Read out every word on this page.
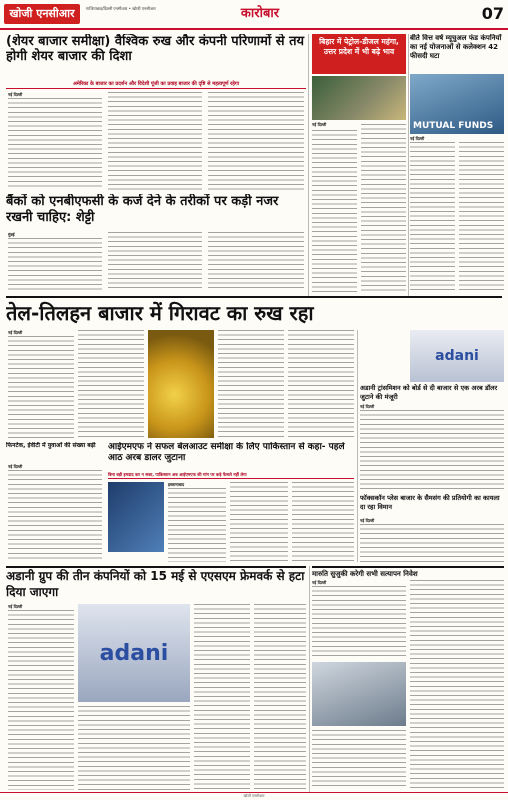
खोजी एनसीआर	गाजियाबाद/दिल्ली एनसीआर • खोजी एनसीआर	कारोबार	07
(शेयर बाजार समीक्षा) वैश्विक रुख और कंपनी परिणामों से तय होगी शेयर बाजार की दिशा
अमेरिका के बाजार का प्रदर्शन और विदेशी पूंजी का प्रवाह बाजार की दृष्टि से महत्वपूर्ण रहेगा
नई दिल्ली
बिहार में पेट्रोल-डीजल महंगा, उत्तर प्रदेश में भी बढ़े भाव
नई दिल्ली
बीते वित्त वर्ष म्यूचुअल फंड कंपनियों का नई योजनाओं से कलेक्शन 42 फीसदी घटा
MUTUAL FUNDS
नई दिल्ली
बैंकों को एनबीएफसी के कर्ज देने के तरीकों पर कड़ी नजर रखनी चाहिए: शेट्टी
मुंबई
तेल-तिलहन बाजार में गिरावट का रुख रहा
नई दिल्ली
adani
अडानी ट्रांसमिशन को बोर्ड से दी बाजार से एक अरब डॉलर जुटाने की मंजूरी
नई दिल्ली
फिनटेक, ईवीटी में युवाओं की संख्या बढ़ी
नई दिल्ली
आईएमएफ ने सफल बेलआउट समीक्षा के लिए पाकिस्तान से कहा- पहले आठ अरब डालर जुटाना
बिना बड़ी इमदाद कर न सका, पाकिस्तान अब आईएमएफ की मांग पर कड़े फैसले नहीं लेगा
इस्लामाबाद
फॉक्सकॉन प्लेस बाजार के सैमसंग की प्रतियोगी का कायला दा रहा विमान
नई दिल्ली
अडानी ग्रुप की तीन कंपनियों को 15 मई से एएसएम फ्रेमवर्क से हटा दिया जाएगा
नई दिल्ली
adani
मारुति सुजुकी करेगी सभी सत्यापन निवेश
नई दिल्ली
खोजी एनसीआर
